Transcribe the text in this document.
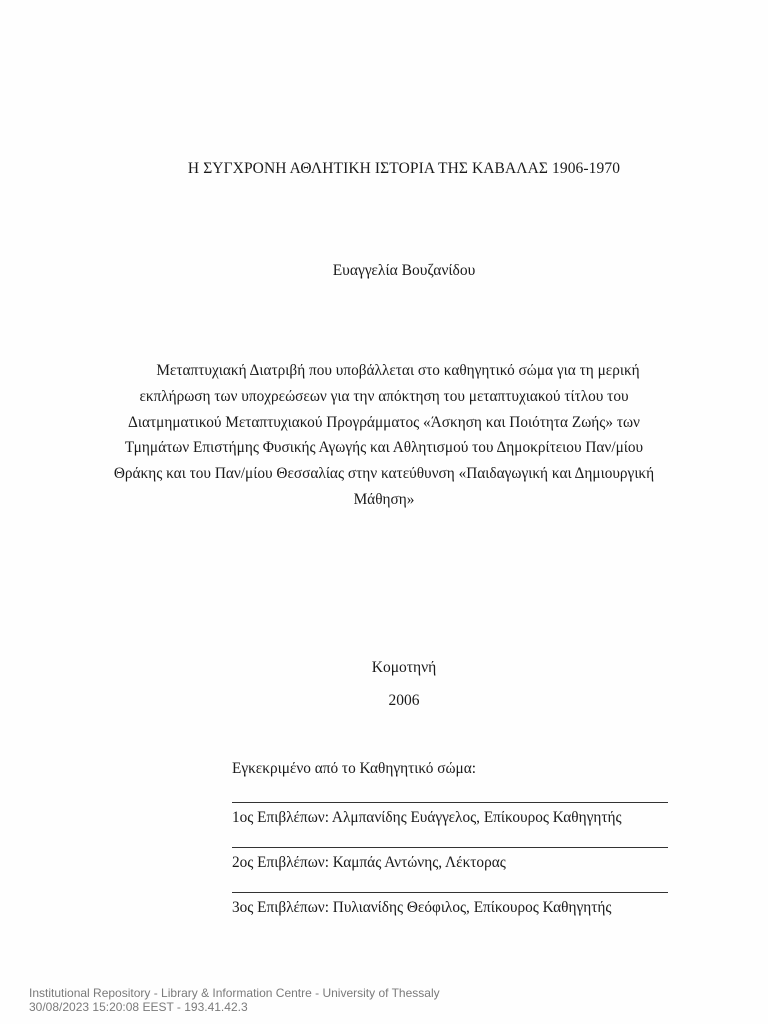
Η ΣΥΓΧΡΟΝΗ ΑΘΛΗΤΙΚΗ ΙΣΤΟΡΙΑ ΤΗΣ ΚΑΒΑΛΑΣ 1906-1970
Ευαγγελία Βουζανίδου
Μεταπτυχιακή Διατριβή που υποβάλλεται στο καθηγητικό σώμα για τη μερική
εκπλήρωση των υποχρεώσεων για την απόκτηση του μεταπτυχιακού τίτλου του
Διατμηματικού Μεταπτυχιακού Προγράμματος «Άσκηση και Ποιότητα Ζωής» των
Τμημάτων Επιστήμης Φυσικής Αγωγής και Αθλητισμού του Δημοκρίτειου Παν/μίου
Θράκης και του Παν/μίου Θεσσαλίας στην κατεύθυνση «Παιδαγωγική και Δημιουργική
Μάθηση»
Κομοτηνή
2006
Εγκεκριμένο από το Καθηγητικό σώμα:
1ος Επιβλέπων: Αλμπανίδης Ευάγγελος, Επίκουρος Καθηγητής
2ος Επιβλέπων: Καμπάς Αντώνης, Λέκτορας
3ος Επιβλέπων: Πυλιανίδης Θεόφιλος, Επίκουρος Καθηγητής
Institutional Repository - Library & Information Centre - University of Thessaly
30/08/2023 15:20:08 EEST - 193.41.42.3
